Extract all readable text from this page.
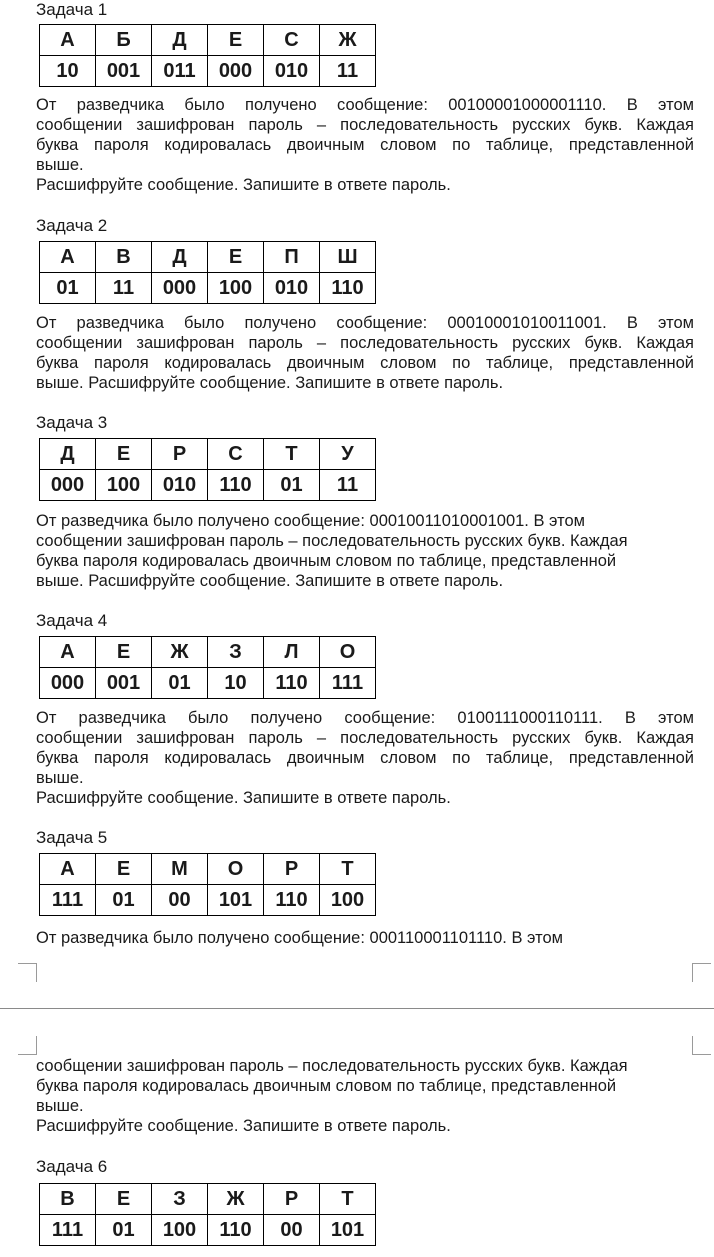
Задача 1
А	Б	Д	Е	С	Ж
10	001	011	000	010	11
От разведчика было получено сообщение: 00100001000001110. В этом
сообщении зашифрован пароль – последовательность русских букв. Каждая
буква пароля кодировалась двоичным словом по таблице, представленной
выше.
Расшифруйте сообщение. Запишите в ответе пароль.
Задача 2
А	В	Д	Е	П	Ш
01	11	000	100	010	110
От разведчика было получено сообщение: 00010001010011001. В этом
сообщении зашифрован пароль – последовательность русских букв. Каждая
буква пароля кодировалась двоичным словом по таблице, представленной
выше. Расшифруйте сообщение. Запишите в ответе пароль.
Задача 3
Д	Е	Р	С	Т	У
000	100	010	110	01	11
От разведчика было получено сообщение: 00010011010001001. В этом
сообщении зашифрован пароль – последовательность русских букв. Каждая
буква пароля кодировалась двоичным словом по таблице, представленной
выше. Расшифруйте сообщение. Запишите в ответе пароль.
Задача 4
А	Е	Ж	З	Л	О
000	001	01	10	110	111
От разведчика было получено сообщение: 0100111000110111. В этом
сообщении зашифрован пароль – последовательность русских букв. Каждая
буква пароля кодировалась двоичным словом по таблице, представленной
выше.
Расшифруйте сообщение. Запишите в ответе пароль.
Задача 5
А	Е	М	О	Р	Т
111	01	00	101	110	100
От разведчика было получено сообщение: 000110001101110. В этом
сообщении зашифрован пароль – последовательность русских букв. Каждая
буква пароля кодировалась двоичным словом по таблице, представленной
выше.
Расшифруйте сообщение. Запишите в ответе пароль.
Задача 6
В	Е	З	Ж	Р	Т
111	01	100	110	00	101
